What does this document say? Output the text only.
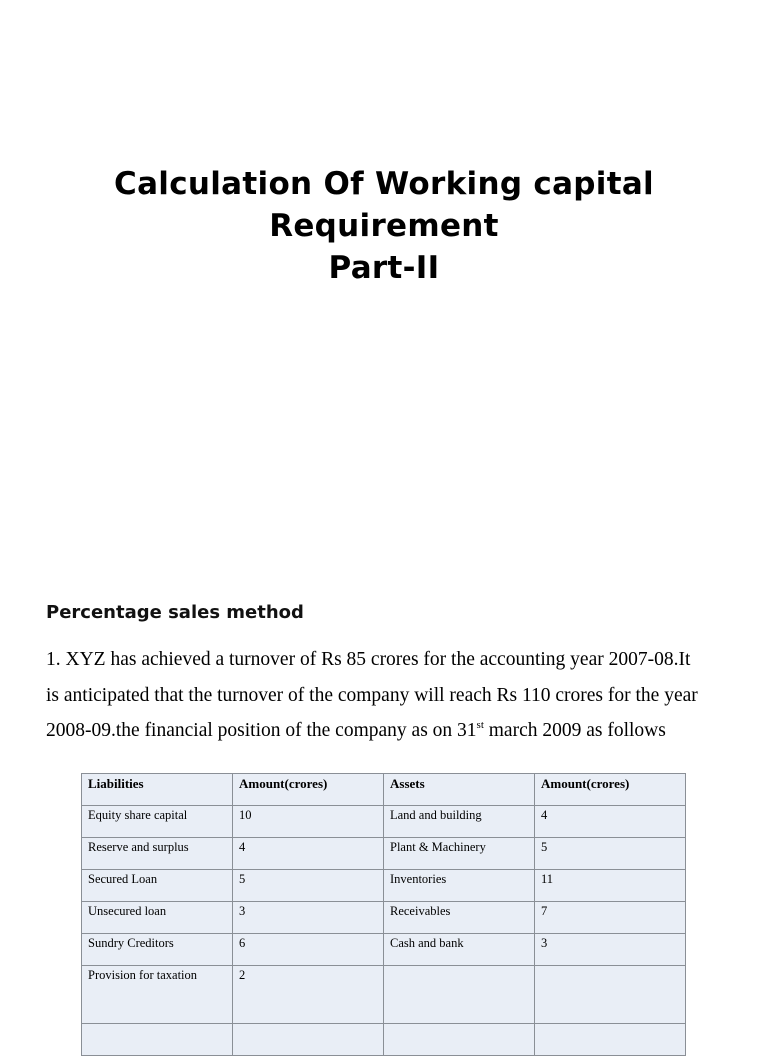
Calculation Of Working capital
Requirement
Part-II
Percentage sales method

1. XYZ has achieved a turnover of Rs 85 crores for the accounting year 2007-08.It is anticipated that the turnover of the company will reach Rs 110 crores for the year 2008-09.the financial position of the company as on 31st march 2009 as follows

Liabilities	Amount(crores)	Assets	Amount(crores)
Equity share capital	10	Land and building	4
Reserve and surplus	4	Plant & Machinery	5
Secured Loan	5	Inventories	11
Unsecured loan	3	Receivables	7
Sundry Creditors	6	Cash and bank	3
Provision for taxation	2		
